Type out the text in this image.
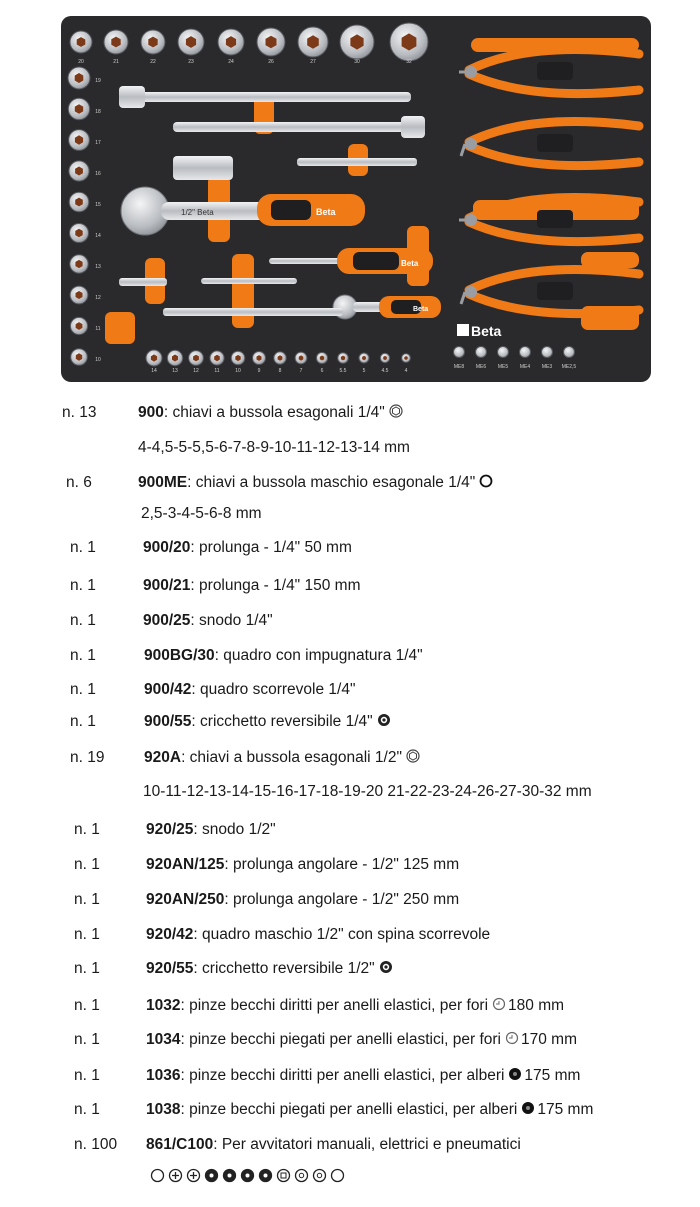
1/2" Beta	Beta
Beta
Beta
Beta
20	21	22	23	24	26	27	30	32
19
18
17
16
15
14
13
12
11
10
14	13	12	11	10	9	8	7	6	5.5	5	4.5	4
ME8 ME6 ME5 ME4 ME3 ME2,5
n. 13	900: chiavi a bussola esagonali 1/4"
4-4,5-5-5,5-6-7-8-9-10-11-12-13-14 mm
n. 6	900ME: chiavi a bussola maschio esagonale 1/4"
2,5-3-4-5-6-8 mm
n. 1	900/20: prolunga - 1/4" 50 mm
n. 1	900/21: prolunga - 1/4" 150 mm
n. 1	900/25: snodo 1/4"
n. 1	900BG/30: quadro con impugnatura 1/4"
n. 1	900/42: quadro scorrevole 1/4"
n. 1	900/55: cricchetto reversibile 1/4"
n. 19	920A: chiavi a bussola esagonali 1/2"
10-11-12-13-14-15-16-17-18-19-20 21-22-23-24-26-27-30-32 mm
n. 1	920/25: snodo 1/2"
n. 1	920AN/125: prolunga angolare - 1/2" 125 mm
n. 1	920AN/250: prolunga angolare - 1/2" 250 mm
n. 1	920/42: quadro maschio 1/2" con spina scorrevole
n. 1	920/55: cricchetto reversibile 1/2"
n. 1	1032: pinze becchi diritti per anelli elastici, per fori 180 mm
n. 1	1034: pinze becchi piegati per anelli elastici, per fori 170 mm
n. 1	1036: pinze becchi diritti per anelli elastici, per alberi 175 mm
n. 1	1038: pinze becchi piegati per anelli elastici, per alberi 175 mm
n. 100 861/C100: Per avvitatori manuali, elettrici e pneumatici
